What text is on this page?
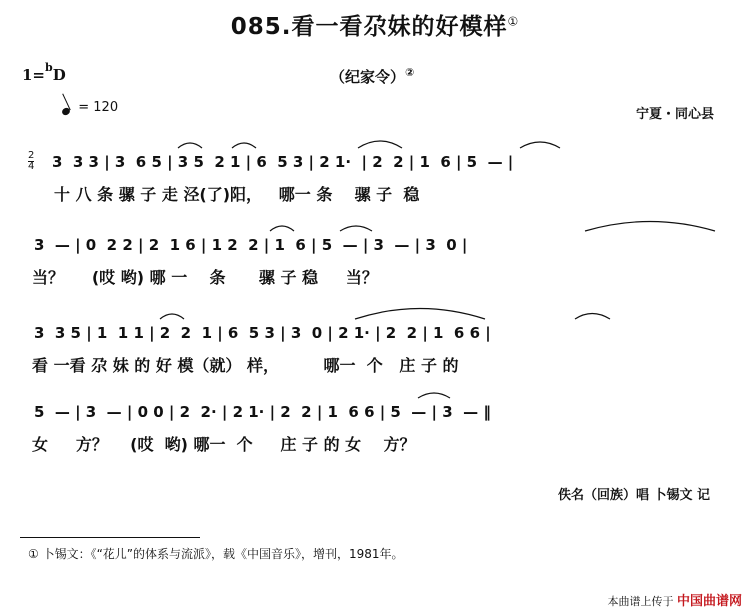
085.看一看尕妹的好模样①
1=$^b$D	（纪家令）②
= 120	宁夏・同心县
$\frac{2}{4} 3$  3 3 | 3  6 5 | 3 5  2 1 | 6  5 3 | 2 1·  | 2  2 | 1  6 | 5  — |
十 八 条 骡 子 走 泾(了)阳，   哪一 条    骡 子  稳
3  — | 0  2 2 | 2  1 6 | 1 2  2 | 1  6 | 5  — | 3  — | 3  0 |
当？     (哎 哟) 哪 一    条      骡 子 稳     当？
3  3 5 | 1  1 1 | 2  2  1 | 6  5 3 | 3  0 | 2 1· | 2  2 | 1  6 6 |
看 一看 尕 妹 的 好 模（就） 样，        哪一  个   庄 子 的
5  — | 3  — | 0 0 | 2  2· | 2 1· | 2  2 | 1  6 6 | 5  — | 3  — ‖
女     方？    (哎  哟) 哪一  个     庄 子 的 女    方？
佚名（回族）唱 卜锡文 记
① 卜锡文：《“花儿”的体系与流派》，载《中国音乐》，增刊，1981年。
本曲谱上传于 中国曲谱网
